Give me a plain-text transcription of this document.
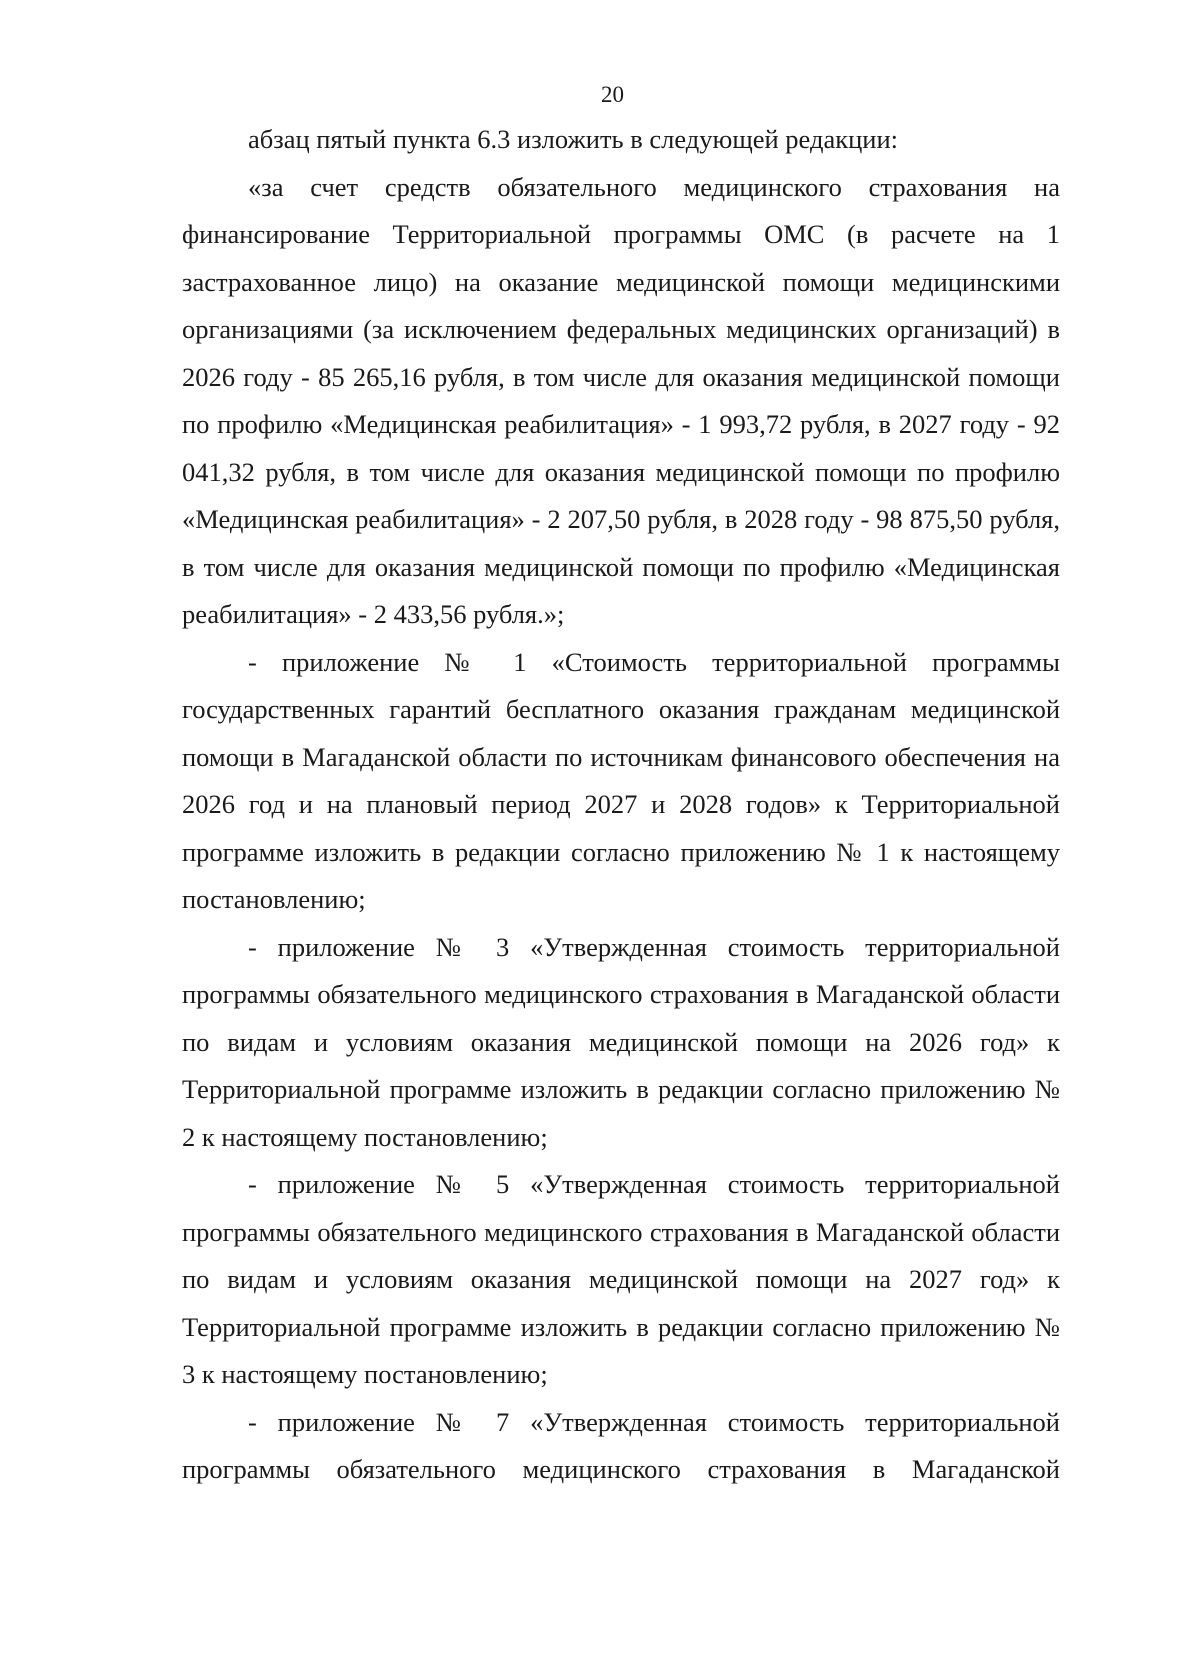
20

абзац пятый пункта 6.3 изложить в следующей редакции:

«за счет средств обязательного медицинского страхования на финансирование Территориальной программы ОМС (в расчете на 1 застрахованное лицо) на оказание медицинской помощи медицинскими организациями (за исключением федеральных медицинских организаций) в 2026 году - 85 265,16 рубля, в том числе для оказания медицинской помощи по профилю «Медицинская реабилитация» - 1 993,72 рубля, в 2027 году - 92 041,32 рубля, в том числе для оказания медицинской помощи по профилю «Медицинская реабилитация» - 2 207,50 рубля, в 2028 году - 98 875,50 рубля, в том числе для оказания медицинской помощи по профилю «Медицинская реабилитация» - 2 433,56 рубля.»;

- приложение № 1 «Стоимость территориальной программы государственных гарантий бесплатного оказания гражданам медицинской помощи в Магаданской области по источникам финансового обеспечения на 2026 год и на плановый период 2027 и 2028 годов» к Территориальной программе изложить в редакции согласно приложению № 1 к настоящему постановлению;

- приложение № 3 «Утвержденная стоимость территориальной программы обязательного медицинского страхования в Магаданской области по видам и условиям оказания медицинской помощи на 2026 год» к Территориальной программе изложить в редакции согласно приложению № 2 к настоящему постановлению;

- приложение № 5 «Утвержденная стоимость территориальной программы обязательного медицинского страхования в Магаданской области по видам и условиям оказания медицинской помощи на 2027 год» к Территориальной программе изложить в редакции согласно приложению № 3 к настоящему постановлению;

- приложение № 7 «Утвержденная стоимость территориальной программы обязательного медицинского страхования в Магаданской
